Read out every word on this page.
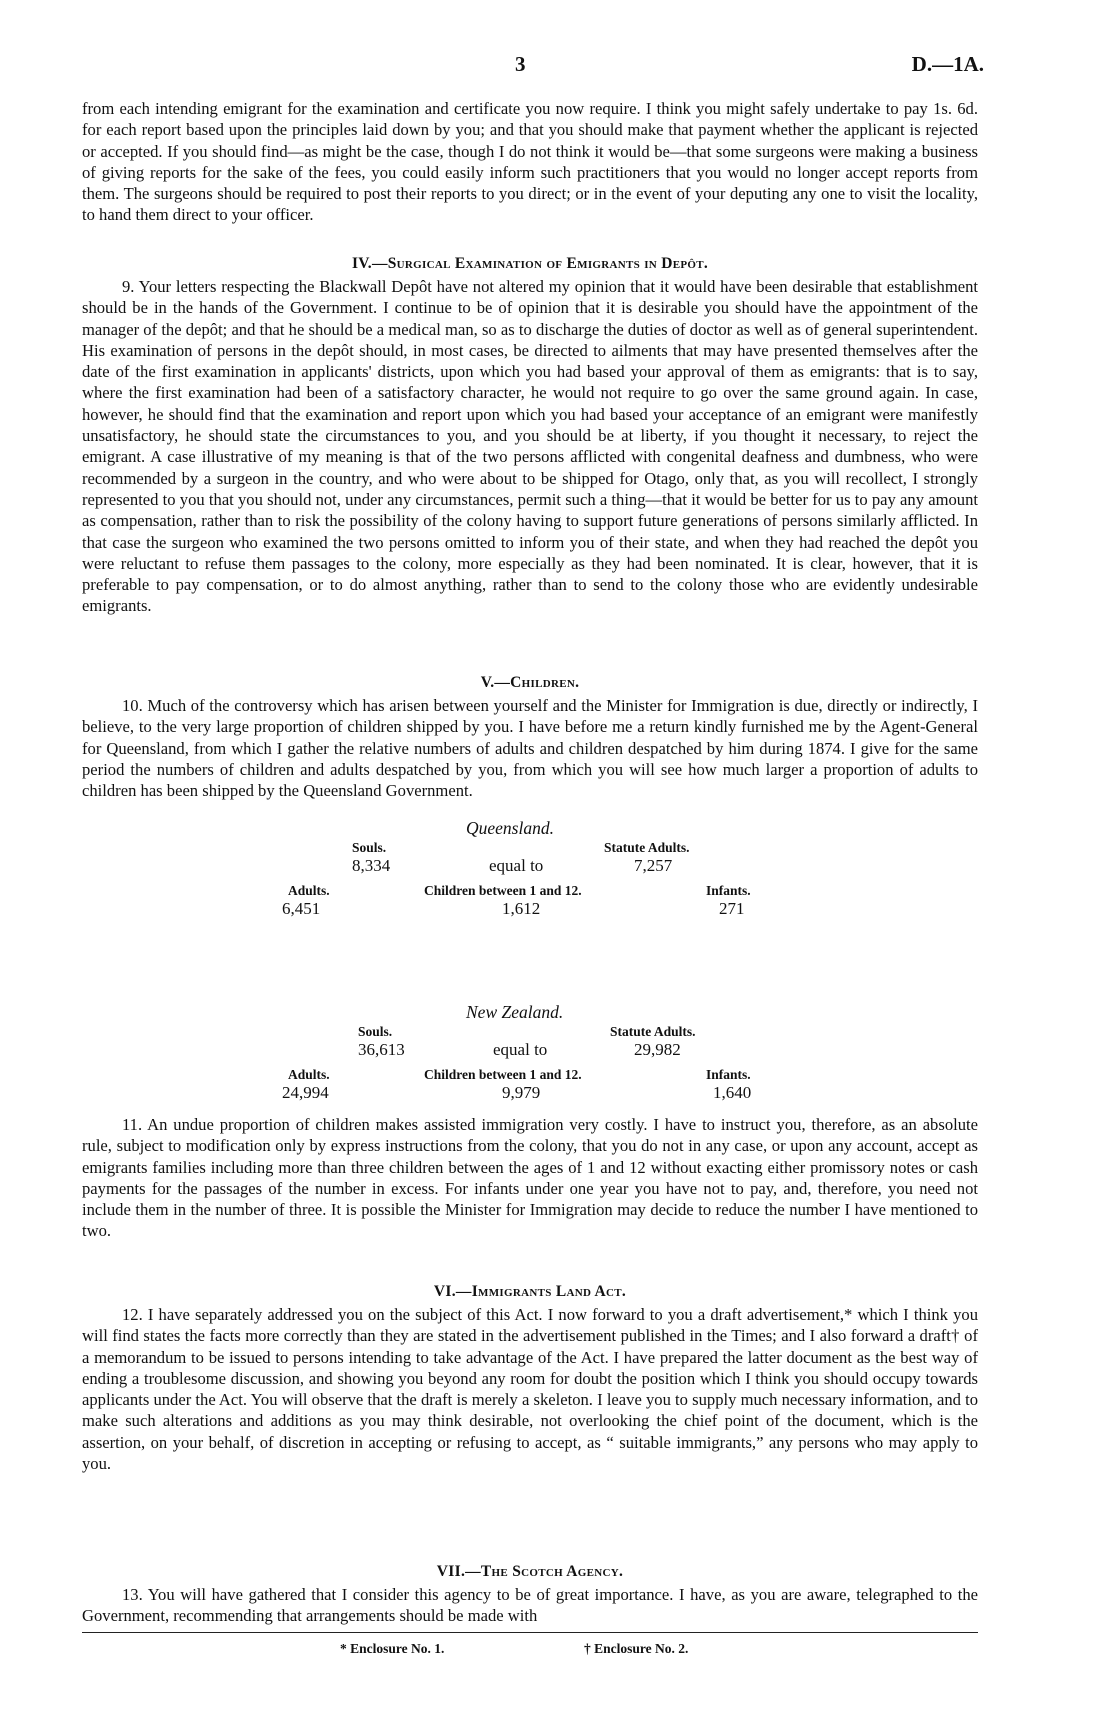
3	D.—1A.

from each intending emigrant for the examination and certificate you now require. I think you might safely undertake to pay 1s. 6d. for each report based upon the principles laid down by you; and that you should make that payment whether the applicant is rejected or accepted. If you should find—as might be the case, though I do not think it would be—that some surgeons were making a business of giving reports for the sake of the fees, you could easily inform such practitioners that you would no longer accept reports from them. The surgeons should be required to post their reports to you direct; or in the event of your deputing any one to visit the locality, to hand them direct to your officer.

IV.—Surgical Examination of Emigrants in Depôt.

9. Your letters respecting the Blackwall Depôt have not altered my opinion that it would have been desirable that establishment should be in the hands of the Government. I continue to be of opinion that it is desirable you should have the appointment of the manager of the depôt; and that he should be a medical man, so as to discharge the duties of doctor as well as of general superintendent. His examination of persons in the depôt should, in most cases, be directed to ailments that may have presented themselves after the date of the first examination in applicants' districts, upon which you had based your approval of them as emigrants: that is to say, where the first examination had been of a satisfactory character, he would not require to go over the same ground again. In case, however, he should find that the examination and report upon which you had based your acceptance of an emigrant were manifestly unsatisfactory, he should state the circumstances to you, and you should be at liberty, if you thought it necessary, to reject the emigrant. A case illustrative of my meaning is that of the two persons afflicted with congenital deafness and dumbness, who were recommended by a surgeon in the country, and who were about to be shipped for Otago, only that, as you will recollect, I strongly represented to you that you should not, under any circumstances, permit such a thing—that it would be better for us to pay any amount as compensation, rather than to risk the possibility of the colony having to support future generations of persons similarly afflicted. In that case the surgeon who examined the two persons omitted to inform you of their state, and when they had reached the depôt you were reluctant to refuse them passages to the colony, more especially as they had been nominated. It is clear, however, that it is preferable to pay compensation, or to do almost anything, rather than to send to the colony those who are evidently undesirable emigrants.

V.—Children.

10. Much of the controversy which has arisen between yourself and the Minister for Immigration is due, directly or indirectly, I believe, to the very large proportion of children shipped by you. I have before me a return kindly furnished me by the Agent-General for Queensland, from which I gather the relative numbers of adults and children despatched by him during 1874. I give for the same period the numbers of children and adults despatched by you, from which you will see how much larger a proportion of adults to children has been shipped by the Queensland Government.

Queensland.
Souls.	Statute Adults.
8,334	equal to	7,257
Adults.	Children between 1 and 12.	Infants.
6,451	1,612	271
New Zealand.
Souls.	Statute Adults.
36,613	equal to	29,982
Adults.	Children between 1 and 12.	Infants.
24,994	9,979	1,640

11. An undue proportion of children makes assisted immigration very costly. I have to instruct you, therefore, as an absolute rule, subject to modification only by express instructions from the colony, that you do not in any case, or upon any account, accept as emigrants families including more than three children between the ages of 1 and 12 without exacting either promissory notes or cash payments for the passages of the number in excess. For infants under one year you have not to pay, and, therefore, you need not include them in the number of three. It is possible the Minister for Immigration may decide to reduce the number I have mentioned to two.

VI.—Immigrants Land Act.

12. I have separately addressed you on the subject of this Act. I now forward to you a draft advertisement,* which I think you will find states the facts more correctly than they are stated in the advertisement published in the Times; and I also forward a draft† of a memorandum to be issued to persons intending to take advantage of the Act. I have prepared the latter document as the best way of ending a troublesome discussion, and showing you beyond any room for doubt the position which I think you should occupy towards applicants under the Act. You will observe that the draft is merely a skeleton. I leave you to supply much necessary information, and to make such alterations and additions as you may think desirable, not overlooking the chief point of the document, which is the assertion, on your behalf, of discretion in accepting or refusing to accept, as “ suitable immigrants,” any persons who may apply to you.

VII.—The Scotch Agency.

13. You will have gathered that I consider this agency to be of great importance. I have, as you are aware, telegraphed to the Government, recommending that arrangements should be made with

* Enclosure No. 1.	† Enclosure No. 2.
